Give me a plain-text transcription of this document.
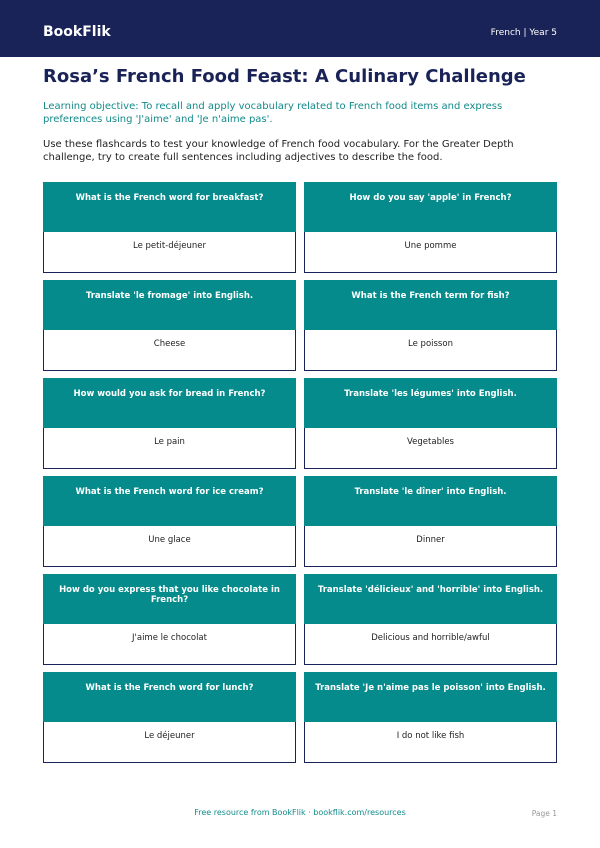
BookFlik	French | Year 5
Rosa’s French Food Feast: A Culinary Challenge
Learning objective: To recall and apply vocabulary related to French food items and express preferences using 'J'aime' and 'Je n'aime pas'.
Use these flashcards to test your knowledge of French food vocabulary. For the Greater Depth challenge, try to create full sentences including adjectives to describe the food.
What is the French word for breakfast?
Le petit-déjeuner
How do you say 'apple' in French?
Une pomme
Translate 'le fromage' into English.
Cheese
What is the French term for fish?
Le poisson
How would you ask for bread in French?
Le pain
Translate 'les légumes' into English.
Vegetables
What is the French word for ice cream?
Une glace
Translate 'le dîner' into English.
Dinner
How do you express that you like chocolate in French?
J'aime le chocolat
Translate 'délicieux' and 'horrible' into English.
Delicious and horrible/awful
What is the French word for lunch?
Le déjeuner
Translate 'Je n'aime pas le poisson' into English.
I do not like fish
Free resource from BookFlik · bookflik.com/resources	Page 1
